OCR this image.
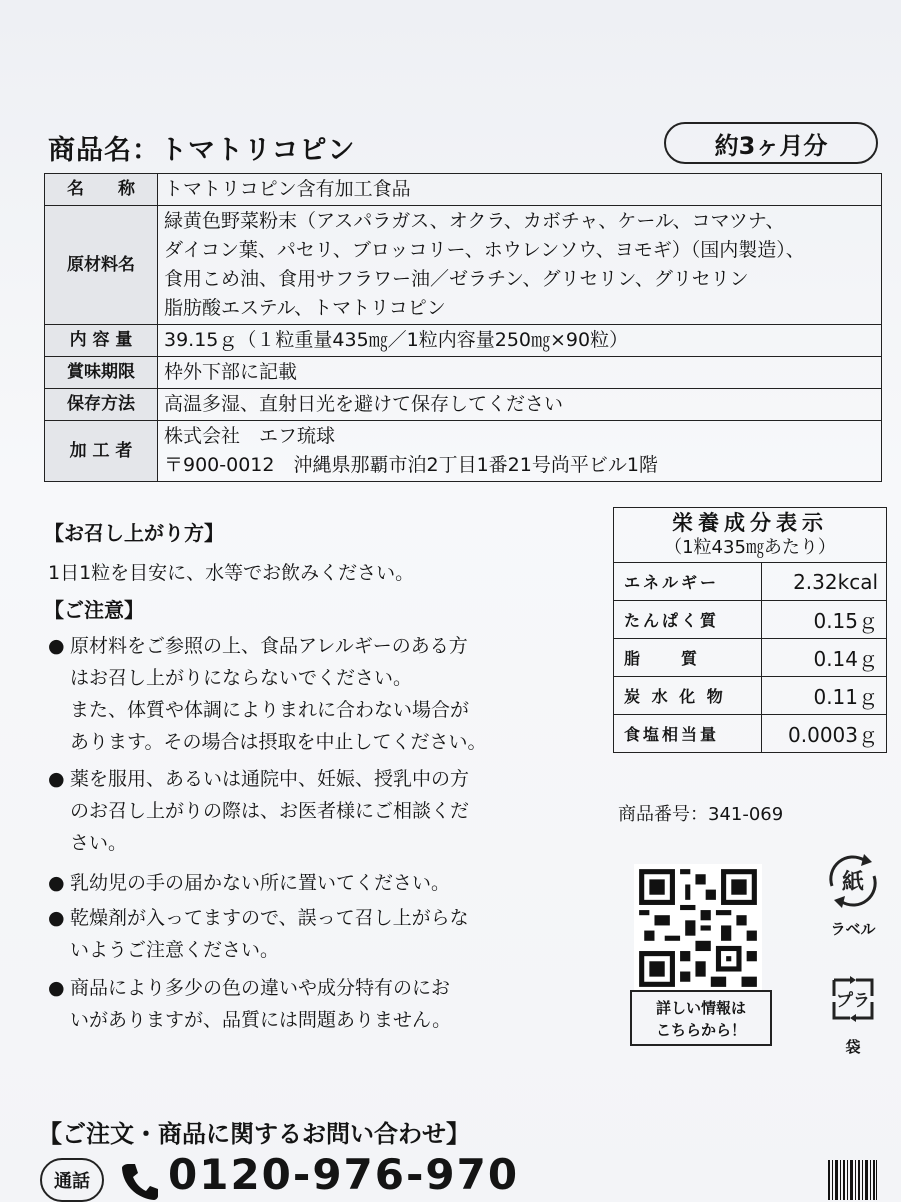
商品名：トマトリコピン	約3ヶ月分
名　　称	トマトリコピン含有加工食品

原材料名	緑黄色野菜粉末（アスパラガス、オクラ、カボチャ、ケール、コマツナ、
ダイコン葉、パセリ、ブロッコリー、ホウレンソウ、ヨモギ）（国内製造）、
食用こめ油、食用サフラワー油／ゼラチン、グリセリン、グリセリン
脂肪酸エステル、トマトリコピン

内 容 量	39.15ｇ（１粒重量435㎎／1粒内容量250㎎×90粒）

賞味期限	枠外下部に記載

保存方法	高温多湿、直射日光を避けて保存してください

加 工 者	株式会社　エフ琉球
〒900-0012　沖縄県那覇市泊2丁目1番21号尚平ビル1階
【お召し上がり方】
1日1粒を目安に、水等でお飲みください。
【ご注意】
● 原材料をご参照の上、食品アレルギーのある方
はお召し上がりにならないでください。
また、体質や体調によりまれに合わない場合が
あります。その場合は摂取を中止してください。
● 薬を服用、あるいは通院中、妊娠、授乳中の方
のお召し上がりの際は、お医者様にご相談くだ
さい。
● 乳幼児の手の届かない所に置いてください。
● 乾燥剤が入ってますので、誤って召し上がらな
いようご注意ください。
● 商品により多少の色の違いや成分特有のにお
いがありますが、品質には問題ありません。
栄養成分表示
（1粒435㎎あたり）
エネルギー	2.32kcal
たんぱく質	0.15ｇ
脂　　質	0.14ｇ
炭 水 化 物	0.11ｇ
食塩相当量	0.0003ｇ
商品番号：341-069
詳しい情報は
こちらから！
紙
ラベル
プラ
袋
【ご注文・商品に関するお問い合わせ】
通話	0120-976-970
